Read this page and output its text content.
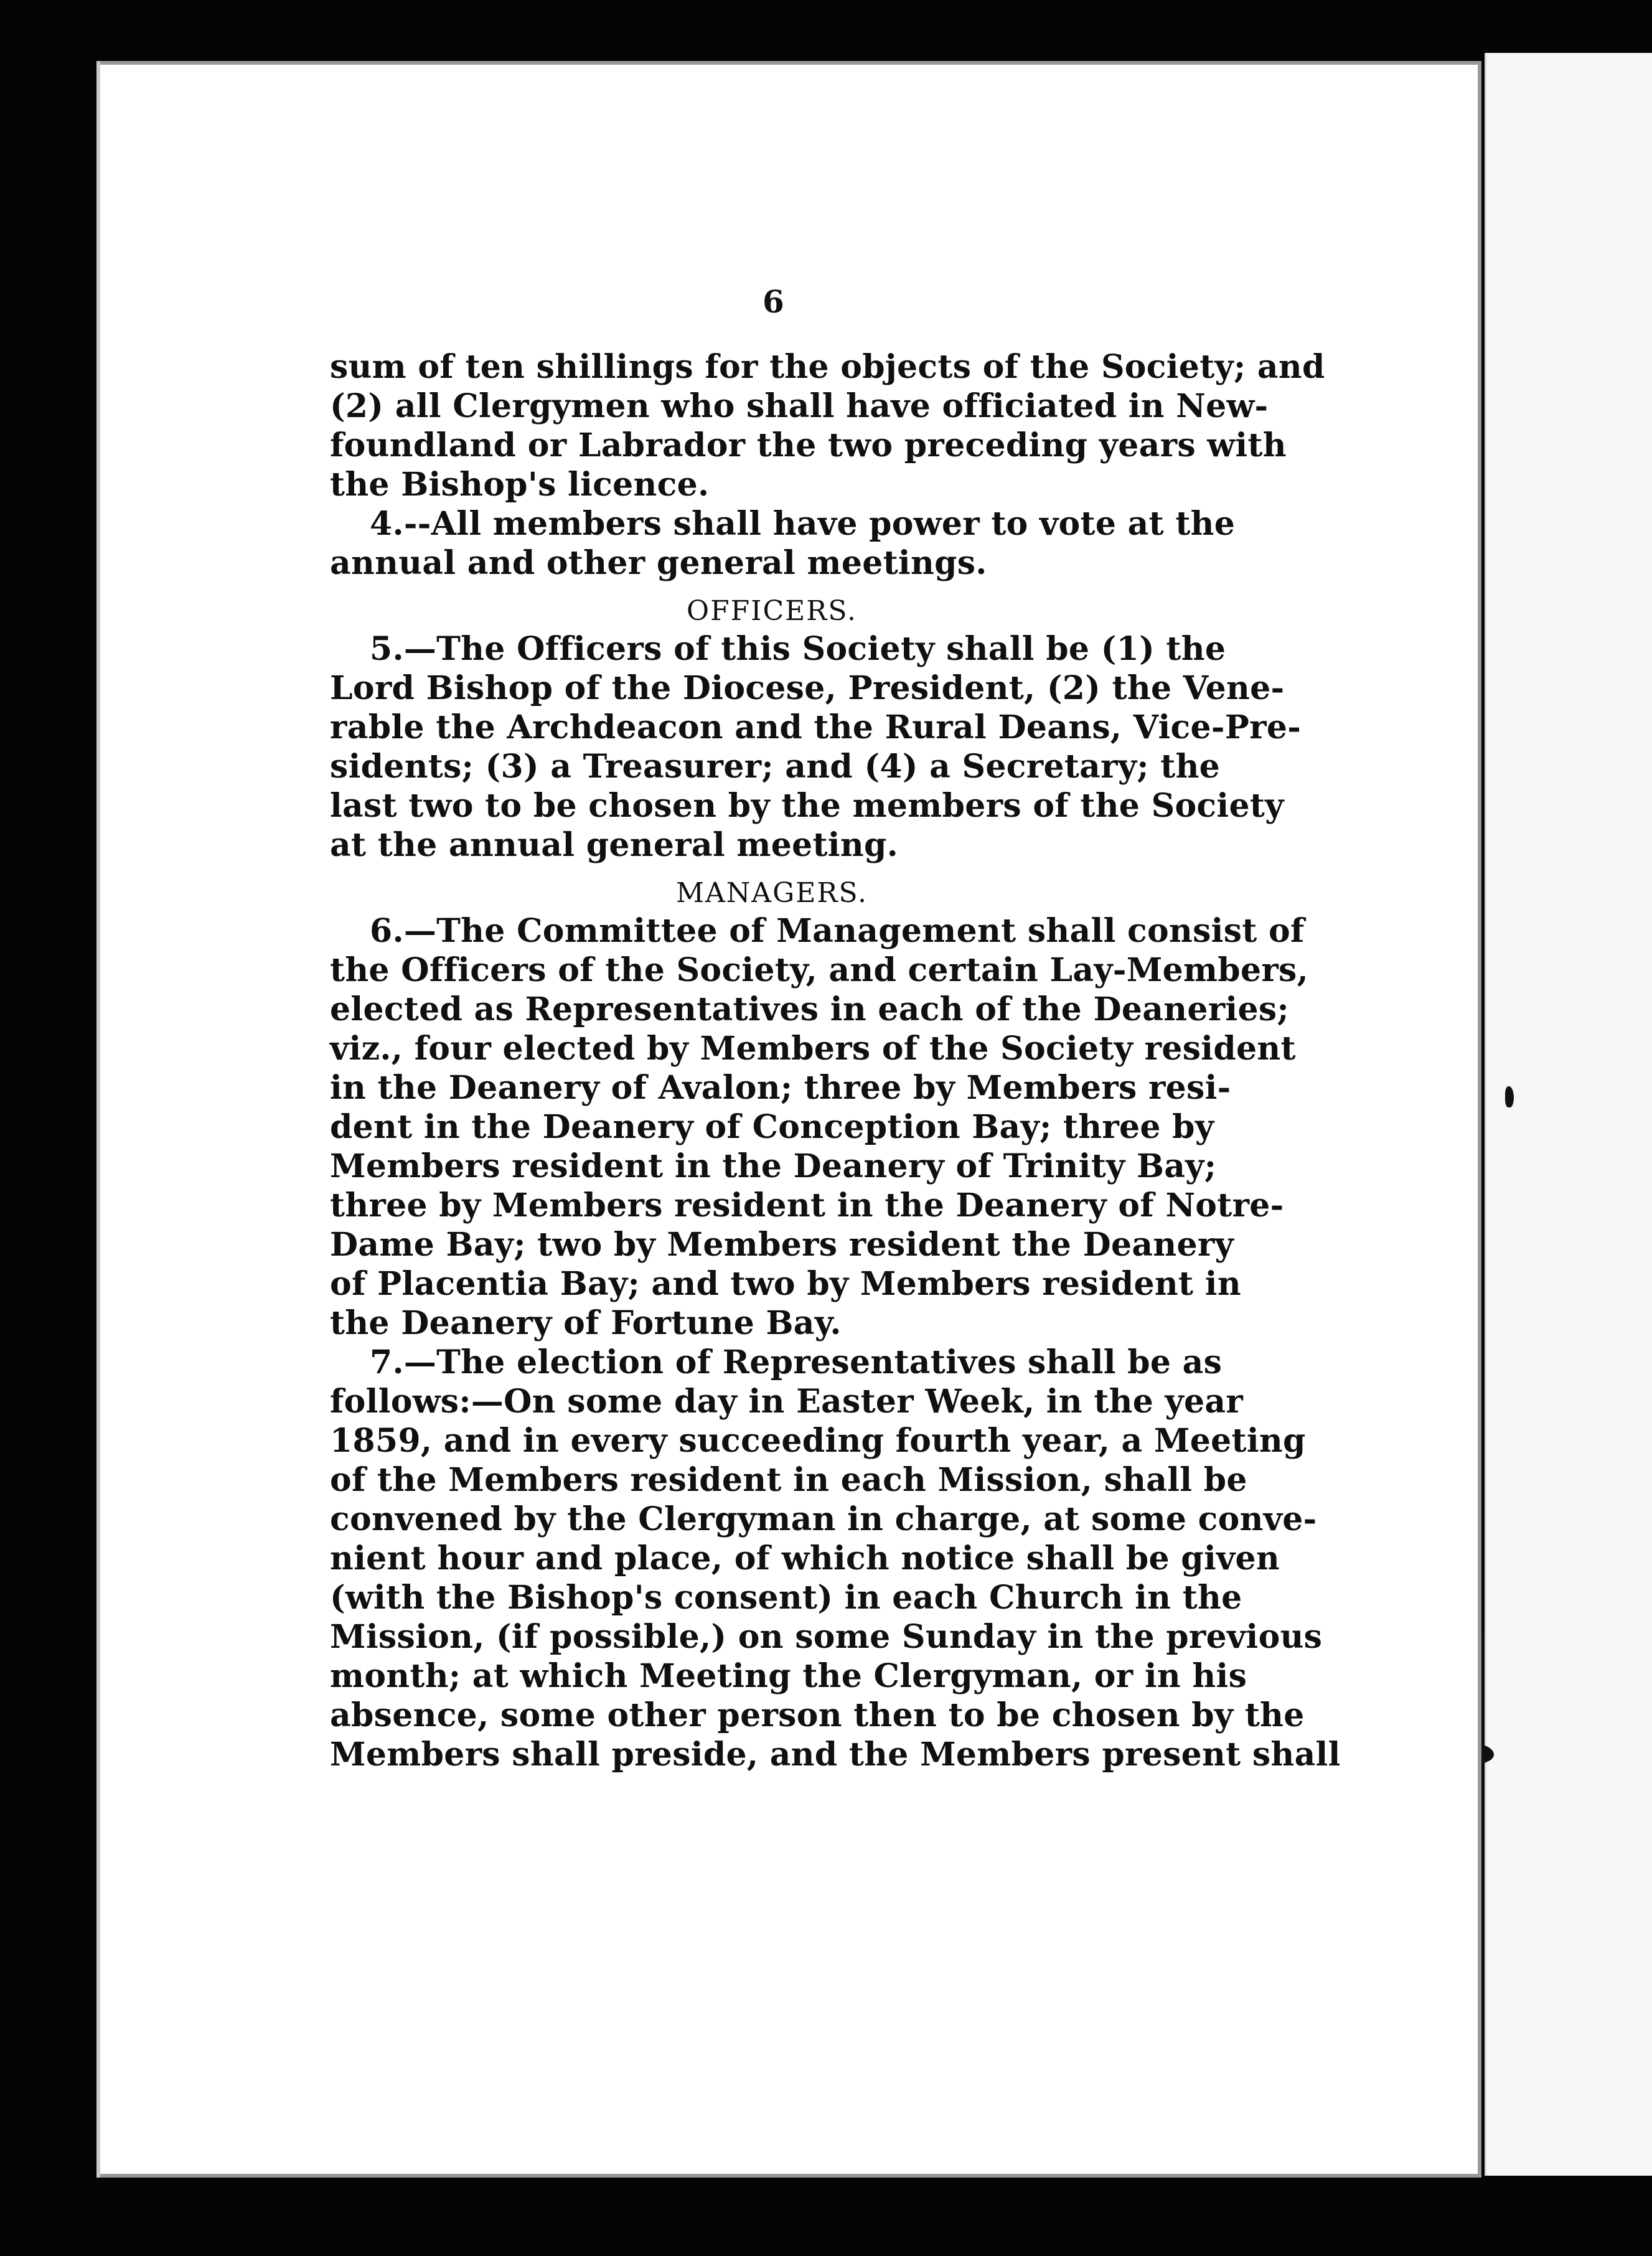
6
sum of ten shillings for the objects of the Society; and
(2) all Clergymen who shall have officiated in New-
foundland or Labrador the two preceding years with
the Bishop's licence.
4.--All members shall have power to vote at the
annual and other general meetings.
OFFICERS.
5.—The Officers of this Society shall be (1) the
Lord Bishop of the Diocese, President, (2) the Vene-
rable the Archdeacon and the Rural Deans, Vice-Pre-
sidents; (3) a Treasurer; and (4) a Secretary; the
last two to be chosen by the members of the Society
at the annual general meeting.
MANAGERS.
6.—The Committee of Management shall consist of
the Officers of the Society, and certain Lay-Members,
elected as Representatives in each of the Deaneries;
viz., four elected by Members of the Society resident
in the Deanery of Avalon; three by Members resi-
dent in the Deanery of Conception Bay; three by
Members resident in the Deanery of Trinity Bay;
three by Members resident in the Deanery of Notre-
Dame Bay; two by Members resident the Deanery
of Placentia Bay; and two by Members resident in
the Deanery of Fortune Bay.
7.—The election of Representatives shall be as
follows:—On some day in Easter Week, in the year
1859, and in every succeeding fourth year, a Meeting
of the Members resident in each Mission, shall be
convened by the Clergyman in charge, at some conve-
nient hour and place, of which notice shall be given
(with the Bishop's consent) in each Church in the
Mission, (if possible,) on some Sunday in the previous
month; at which Meeting the Clergyman, or in his
absence, some other person then to be chosen by the
Members shall preside, and the Members present shall
